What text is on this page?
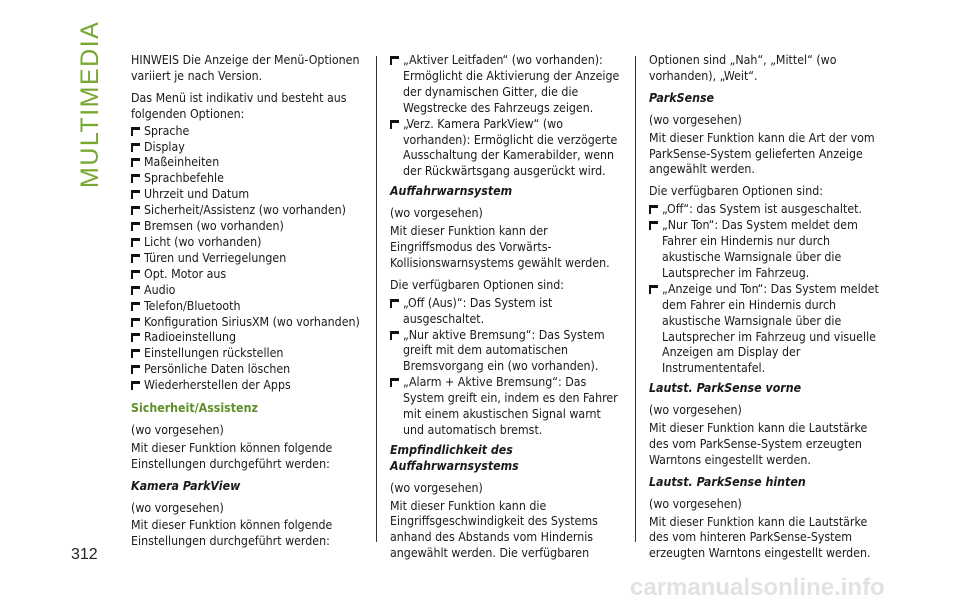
MULTIMEDIA
312

HINWEIS Die Anzeige der Menü-Optionen variiert je nach Version.

Das Menü ist indikativ und besteht aus folgenden Optionen:

Sprache
Display
Maßeinheiten
Sprachbefehle
Uhrzeit und Datum
Sicherheit/Assistenz (wo vorhanden)
Bremsen (wo vorhanden)
Licht (wo vorhanden)
Türen und Verriegelungen
Opt. Motor aus
Audio
Telefon/Bluetooth
Konfiguration SiriusXM (wo vorhanden)
Radioeinstellung
Einstellungen rückstellen
Persönliche Daten löschen
Wiederherstellen der Apps

Sicherheit/Assistenz

(wo vorgesehen)

Mit dieser Funktion können folgende Einstellungen durchgeführt werden:

Kamera ParkView

(wo vorgesehen)

Mit dieser Funktion können folgende Einstellungen durchgeführt werden:

„Aktiver Leitfaden“ (wo vorhanden): Ermöglicht die Aktivierung der Anzeige der dynamischen Gitter, die die Wegstrecke des Fahrzeugs zeigen.
„Verz. Kamera ParkView“ (wo vorhanden): Ermöglicht die verzögerte Ausschaltung der Kamerabilder, wenn der Rückwärtsgang ausgerückt wird.

Auffahrwarnsystem

(wo vorgesehen)

Mit dieser Funktion kann der Eingriffsmodus des Vorwärts-Kollisionswarnsystems gewählt werden.

Die verfügbaren Optionen sind:

„Off (Aus)“: Das System ist ausgeschaltet.
„Nur aktive Bremsung“: Das System greift mit dem automatischen Bremsvorgang ein (wo vorhanden).
„Alarm + Aktive Bremsung“: Das System greift ein, indem es den Fahrer mit einem akustischen Signal warnt und automatisch bremst.

Empfindlichkeit des Auffahrwarnsystems

(wo vorgesehen)

Mit dieser Funktion kann die Eingriffsgeschwindigkeit des Systems anhand des Abstands vom Hindernis angewählt werden. Die verfügbaren

Optionen sind „Nah“, „Mittel“ (wo vorhanden), „Weit“.

ParkSense

(wo vorgesehen)

Mit dieser Funktion kann die Art der vom ParkSense-System gelieferten Anzeige angewählt werden.

Die verfügbaren Optionen sind:

„Off“: das System ist ausgeschaltet.
„Nur Ton“: Das System meldet dem Fahrer ein Hindernis nur durch akustische Warnsignale über die Lautsprecher im Fahrzeug.
„Anzeige und Ton“: Das System meldet dem Fahrer ein Hindernis durch akustische Warnsignale über die Lautsprecher im Fahrzeug und visuelle Anzeigen am Display der Instrumententafel.

Lautst. ParkSense vorne

(wo vorgesehen)

Mit dieser Funktion kann die Lautstärke des vom ParkSense-System erzeugten Warntons eingestellt werden.

Lautst. ParkSense hinten

(wo vorgesehen)

Mit dieser Funktion kann die Lautstärke des vom hinteren ParkSense-System erzeugten Warntons eingestellt werden.

carmanualsonline.info
